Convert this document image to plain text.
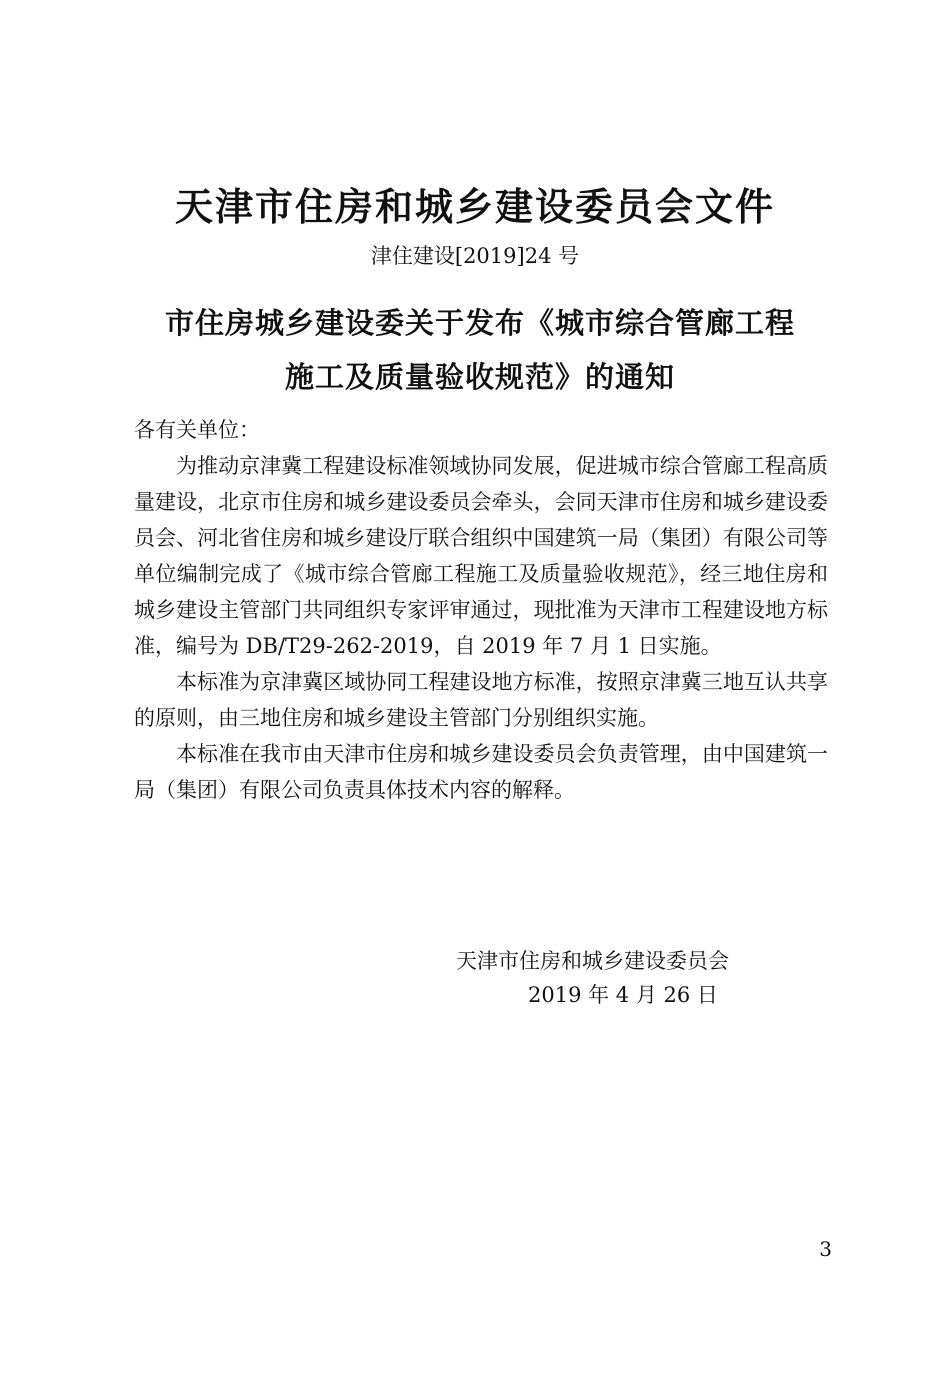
天津市住房和城乡建设委员会文件
津住建设[2019]24 号
市住房城乡建设委关于发布《城市综合管廊工程
施工及质量验收规范》的通知
各有关单位：

为推动京津冀工程建设标准领域协同发展，促进城市综合管廊工程高质量建设，北京市住房和城乡建设委员会牵头，会同天津市住房和城乡建设委员会、河北省住房和城乡建设厅联合组织中国建筑一局（集团）有限公司等单位编制完成了《城市综合管廊工程施工及质量验收规范》，经三地住房和城乡建设主管部门共同组织专家评审通过，现批准为天津市工程建设地方标准，编号为 DB/T29-262-2019，自 2019 年 7 月 1 日实施。

本标准为京津冀区域协同工程建设地方标准，按照京津冀三地互认共享的原则，由三地住房和城乡建设主管部门分别组织实施。

本标准在我市由天津市住房和城乡建设委员会负责管理，由中国建筑一局（集团）有限公司负责具体技术内容的解释。

天津市住房和城乡建设委员会
2019 年 4 月 26 日
3
